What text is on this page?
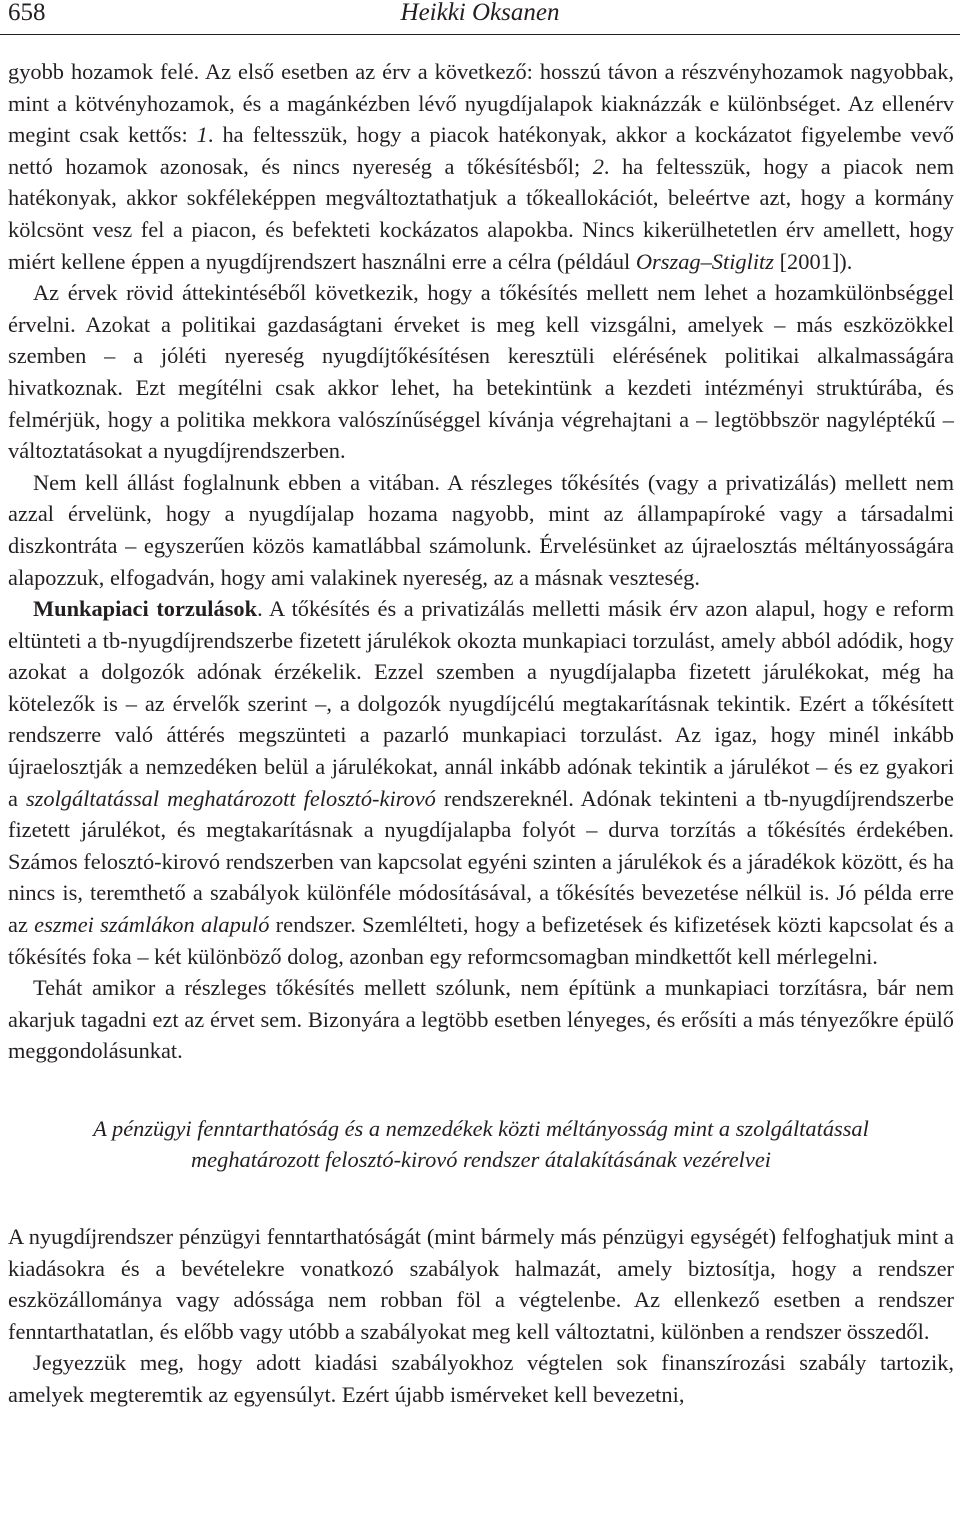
658	Heikki Oksanen

gyobb hozamok felé. Az első esetben az érv a következő: hosszú távon a részvényhozamok nagyobbak, mint a kötvényhozamok, és a magánkézben lévő nyugdíjalapok kiaknázzák e különbséget. Az ellenérv megint csak kettős: 1. ha feltesszük, hogy a piacok hatékonyak, akkor a kockázatot figyelembe vevő nettó hozamok azonosak, és nincs nyereség a tőkésítésből; 2. ha feltesszük, hogy a piacok nem hatékonyak, akkor sokféleképpen megváltoztathatjuk a tőkeallokációt, beleértve azt, hogy a kormány kölcsönt vesz fel a piacon, és befekteti kockázatos alapokba. Nincs kikerülhetetlen érv amellett, hogy miért kellene éppen a nyugdíjrendszert használni erre a célra (például Orszag–Stiglitz [2001]).

Az érvek rövid áttekintéséből következik, hogy a tőkésítés mellett nem lehet a hozamkülönbséggel érvelni. Azokat a politikai gazdaságtani érveket is meg kell vizsgálni, amelyek – más eszközökkel szemben – a jóléti nyereség nyugdíjtőkésítésen keresztüli elérésének politikai alkalmasságára hivatkoznak. Ezt megítélni csak akkor lehet, ha betekintünk a kezdeti intézményi struktúrába, és felmérjük, hogy a politika mekkora valószínűséggel kívánja végrehajtani a – legtöbbször nagyléptékű – változtatásokat a nyugdíjrendszerben.

Nem kell állást foglalnunk ebben a vitában. A részleges tőkésítés (vagy a privatizálás) mellett nem azzal érvelünk, hogy a nyugdíjalap hozama nagyobb, mint az állampapíroké vagy a társadalmi diszkontráta – egyszerűen közös kamatlábbal számolunk. Érvelésünket az újraelosztás méltányosságára alapozzuk, elfogadván, hogy ami valakinek nyereség, az a másnak veszteség.

Munkapiaci torzulások. A tőkésítés és a privatizálás melletti másik érv azon alapul, hogy e reform eltünteti a tb-nyugdíjrendszerbe fizetett járulékok okozta munkapiaci torzulást, amely abból adódik, hogy azokat a dolgozók adónak érzékelik. Ezzel szemben a nyugdíjalapba fizetett járulékokat, még ha kötelezők is – az érvelők szerint –, a dolgozók nyugdíjcélú megtakarításnak tekintik. Ezért a tőkésített rendszerre való áttérés megszünteti a pazarló munkapiaci torzulást. Az igaz, hogy minél inkább újraelosztják a nemzedéken belül a járulékokat, annál inkább adónak tekintik a járulékot – és ez gyakori a szolgáltatással meghatározott felosztó-kirovó rendszereknél. Adónak tekinteni a tb-nyugdíjrendszerbe fizetett járulékot, és megtakarításnak a nyugdíjalapba folyót – durva torzítás a tőkésítés érdekében. Számos felosztó-kirovó rendszerben van kapcsolat egyéni szinten a járulékok és a járadékok között, és ha nincs is, teremthető a szabályok különféle módosításával, a tőkésítés bevezetése nélkül is. Jó példa erre az eszmei számlákon alapuló rendszer. Szemlélteti, hogy a befizetések és kifizetések közti kapcsolat és a tőkésítés foka – két különböző dolog, azonban egy reformcsomagban mindkettőt kell mérlegelni.

Tehát amikor a részleges tőkésítés mellett szólunk, nem építünk a munkapiaci torzításra, bár nem akarjuk tagadni ezt az érvet sem. Bizonyára a legtöbb esetben lényeges, és erősíti a más tényezőkre épülő meggondolásunkat.

A pénzügyi fenntarthatóság és a nemzedékek közti méltányosság mint a szolgáltatással
meghatározott felosztó-kirovó rendszer átalakításának vezérelvei

A nyugdíjrendszer pénzügyi fenntarthatóságát (mint bármely más pénzügyi egységét) felfoghatjuk mint a kiadásokra és a bevételekre vonatkozó szabályok halmazát, amely biztosítja, hogy a rendszer eszközállománya vagy adóssága nem robban föl a végtelenbe. Az ellenkező esetben a rendszer fenntarthatatlan, és előbb vagy utóbb a szabályokat meg kell változtatni, különben a rendszer összedől.

Jegyezzük meg, hogy adott kiadási szabályokhoz végtelen sok finanszírozási szabály tartozik, amelyek megteremtik az egyensúlyt. Ezért újabb ismérveket kell bevezetni,
